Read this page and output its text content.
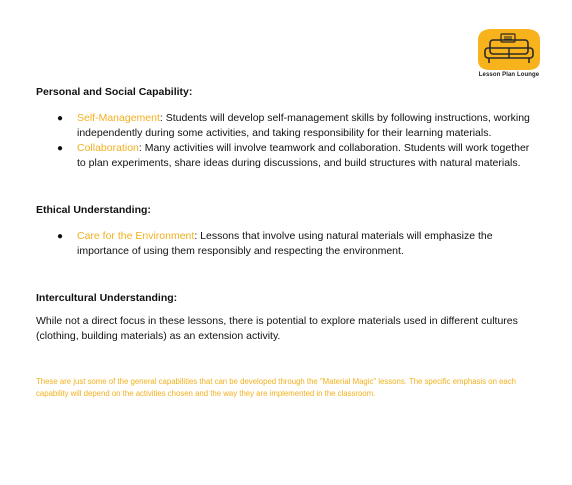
Lesson Plan Lounge
Personal and Social Capability:
● Self-Management: Students will develop self-management skills by following instructions, working independently during some activities, and taking responsibility for their learning materials.
● Collaboration: Many activities will involve teamwork and collaboration. Students will work together to plan experiments, share ideas during discussions, and build structures with natural materials.
Ethical Understanding:
● Care for the Environment: Lessons that involve using natural materials will emphasize the importance of using them responsibly and respecting the environment.
Intercultural Understanding:

While not a direct focus in these lessons, there is potential to explore materials used in different cultures (clothing, building materials) as an extension activity.

These are just some of the general capabilities that can be developed through the "Material Magic" lessons. The specific emphasis on each capability will depend on the activities chosen and the way they are implemented in the classroom.
